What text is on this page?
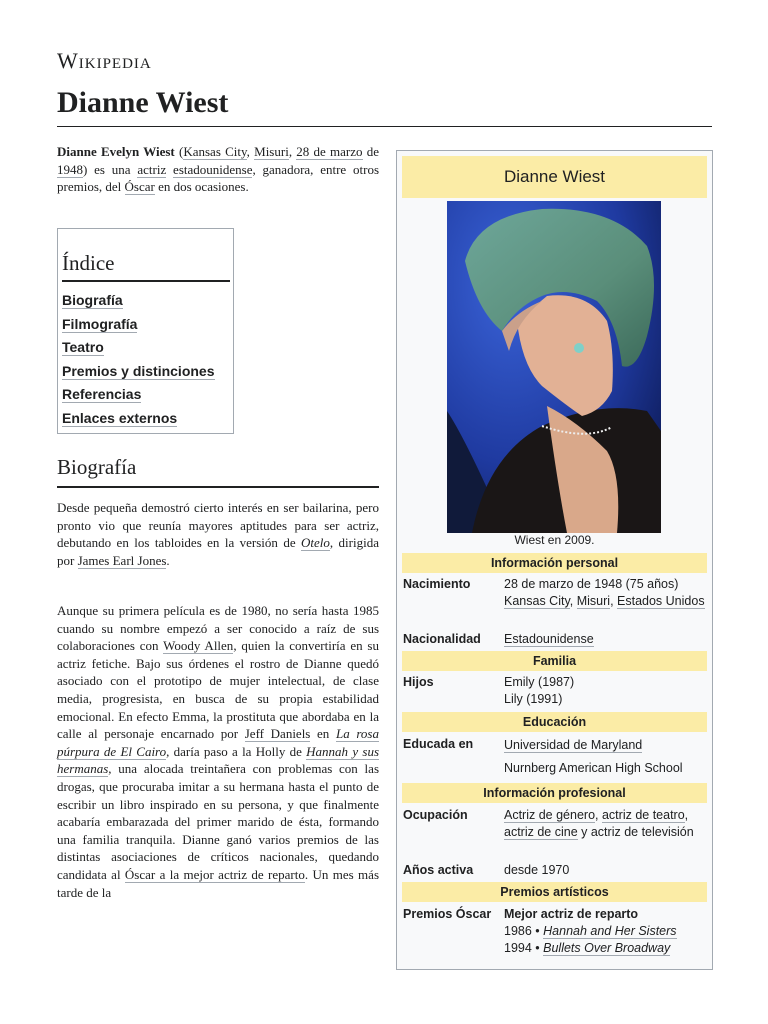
Wikipedia
Dianne Wiest

Dianne Evelyn Wiest (Kansas City, Misuri, 28 de marzo de 1948) es una actriz estadounidense, ganadora, entre otros premios, del Óscar en dos ocasiones.

Índice
Biografía
Filmografía
Teatro
Premios y distinciones
Referencias
Enlaces externos
Biografía

Desde pequeña demostró cierto interés en ser bailarina, pero pronto vio que reunía mayores aptitudes para ser actriz, debutando en los tabloides en la versión de Otelo, dirigida por James Earl Jones.

Aunque su primera película es de 1980, no sería hasta 1985 cuando su nombre empezó a ser conocido a raíz de sus colaboraciones con Woody Allen, quien la convertiría en su actriz fetiche. Bajo sus órdenes el rostro de Dianne quedó asociado con el prototipo de mujer intelectual, de clase media, progresista, en busca de su propia estabilidad emocional. En efecto Emma, la prostituta que abordaba en la calle al personaje encarnado por Jeff Daniels en La rosa púrpura de El Cairo, daría paso a la Holly de Hannah y sus hermanas, una alocada treintañera con problemas con las drogas, que procuraba imitar a su hermana hasta el punto de escribir un libro inspirado en su persona, y que finalmente acabaría embarazada del primer marido de ésta, formando una familia tranquila. Dianne ganó varios premios de las distintas asociaciones de críticos nacionales, quedando candidata al Óscar a la mejor actriz de reparto. Un mes más tarde de la

Dianne Wiest
Wiest en 2009.
Información personal
Nacimiento	28 de marzo de 1948 (75 años)
Kansas City, Misuri, Estados Unidos
Nacionalidad Estadounidense
Familia
Hijos	Emily (1987)
Lily (1991)
Educación
Educada en Universidad de Maryland
Nurnberg American High School
Información profesional
Ocupación	Actriz de género, actriz de teatro, actriz de cine y actriz de televisión
Años activa desde 1970
Premios artísticos
Premios Óscar Mejor actriz de reparto
1986 • Hannah and Her Sisters
1994 • Bullets Over Broadway
